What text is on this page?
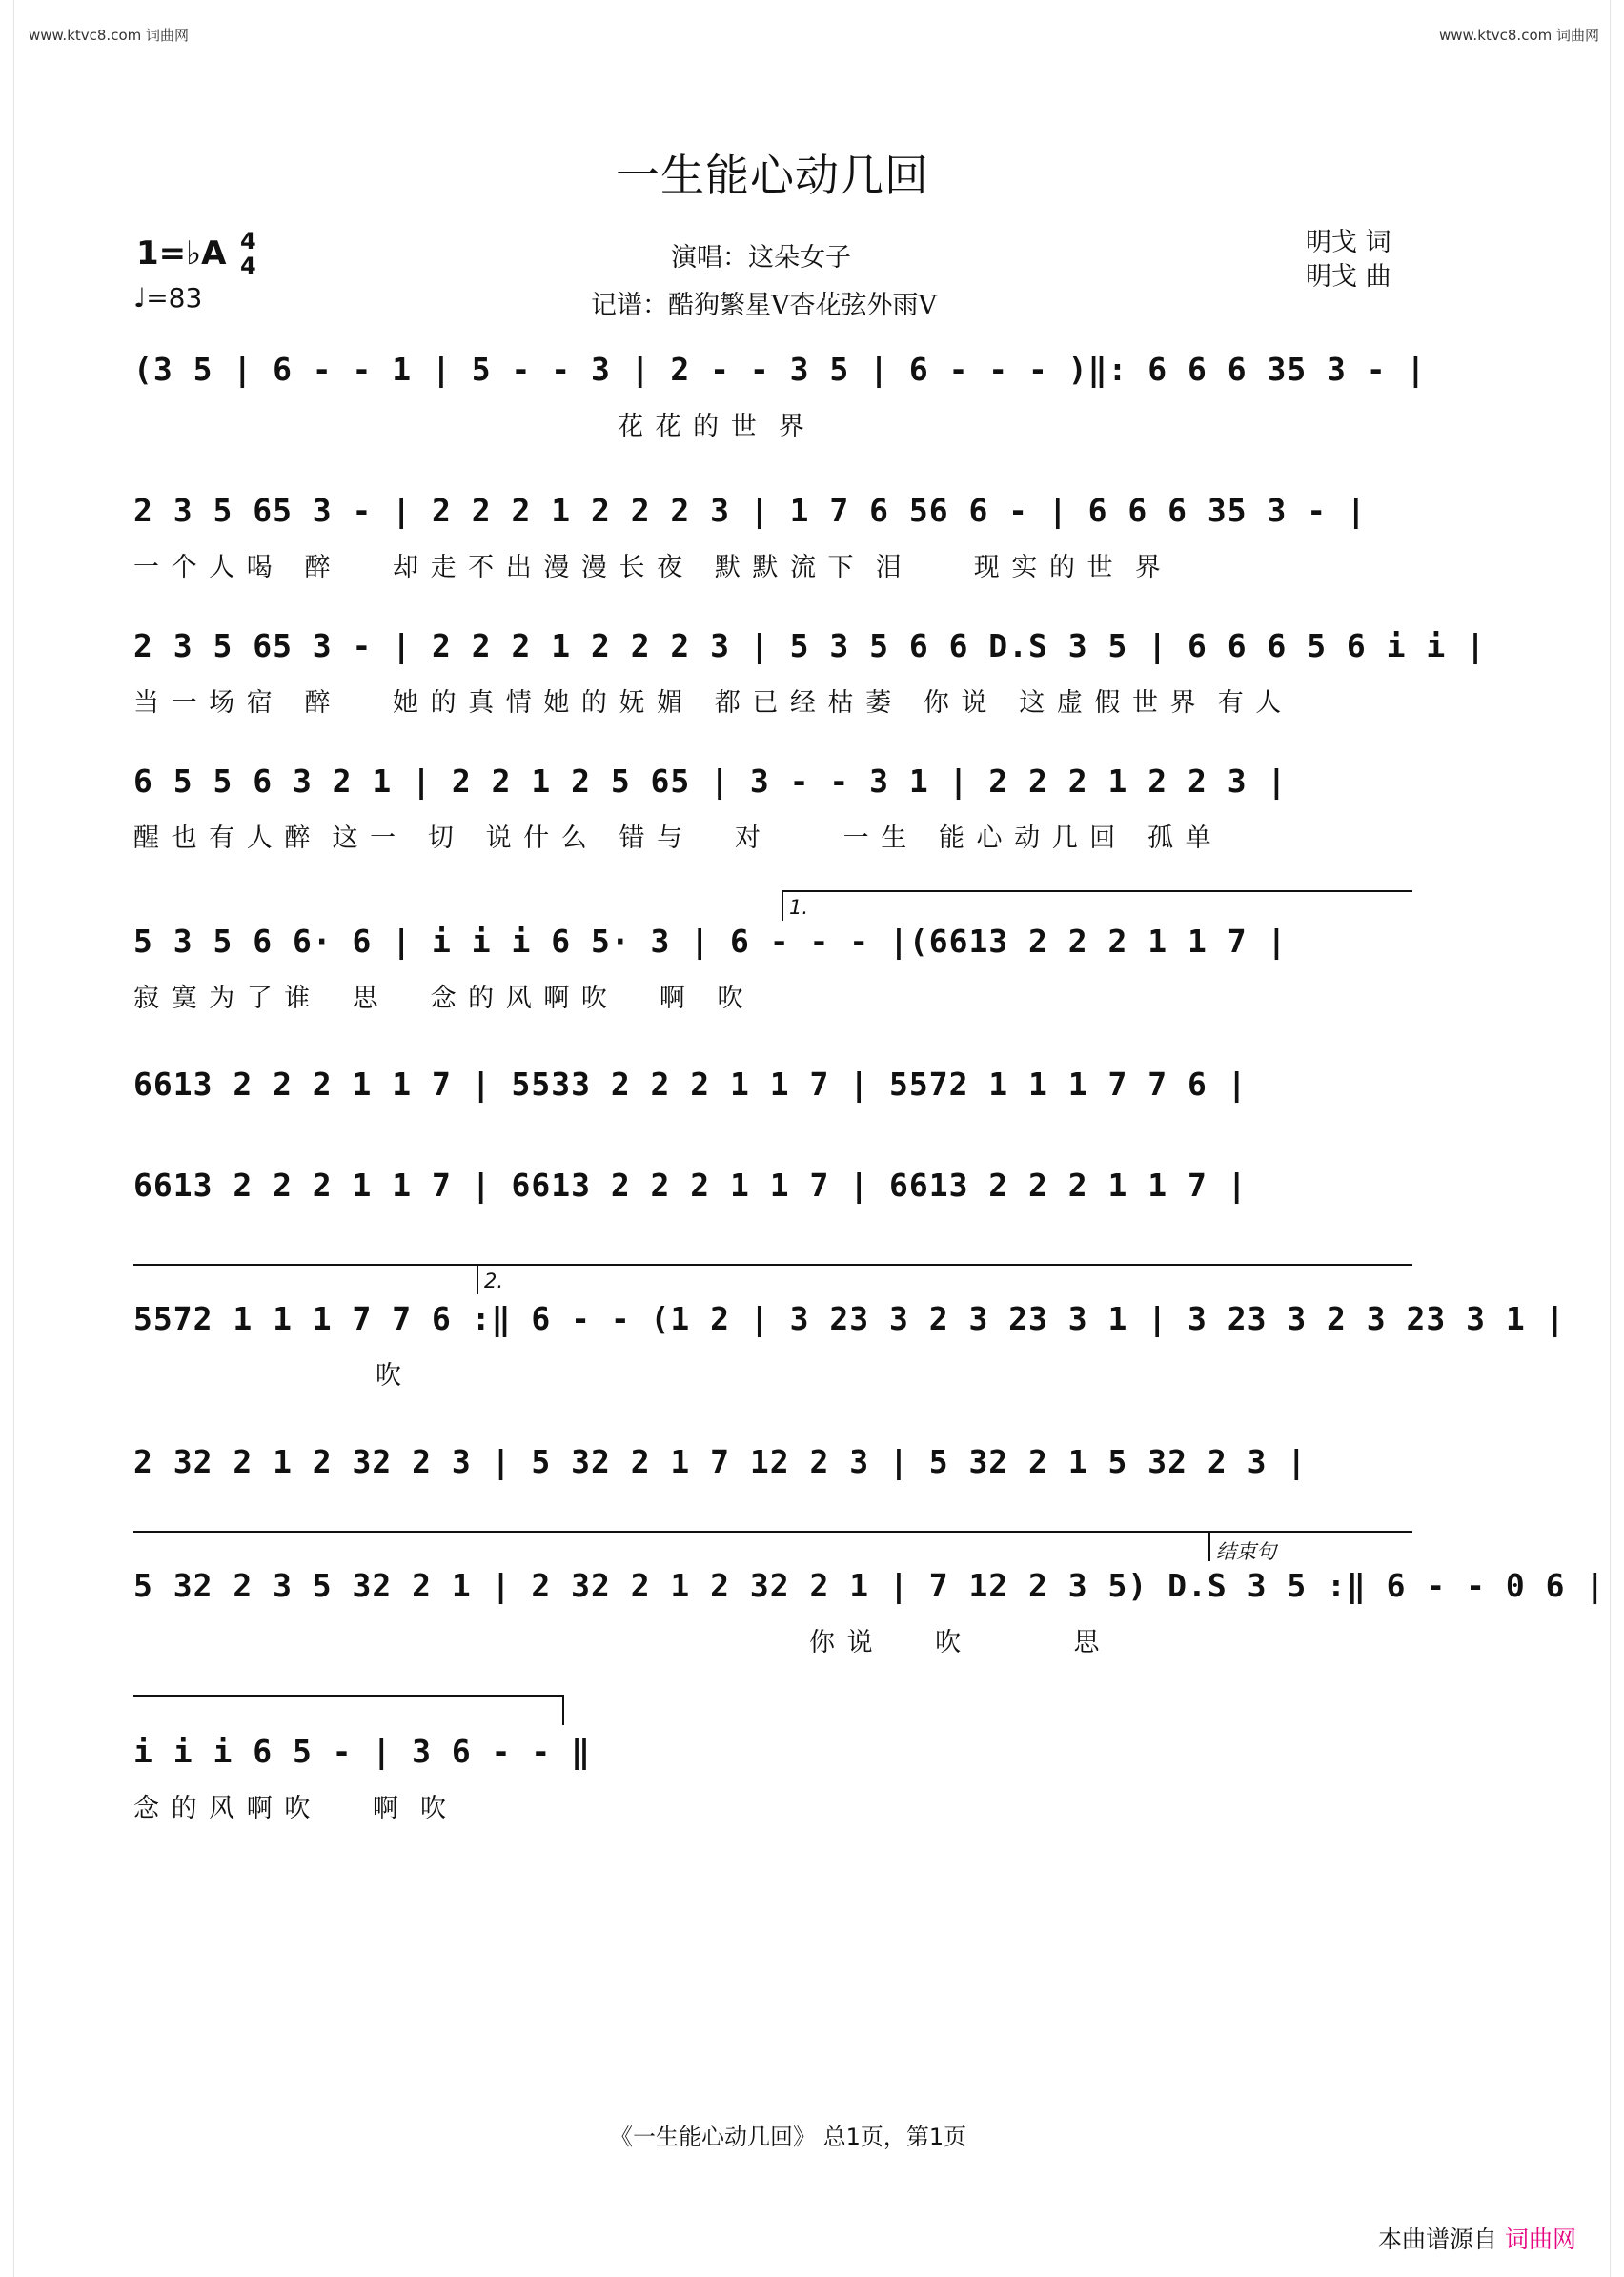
www.ktvc8.com 词曲网	www.ktvc8.com 词曲网
一生能心动几回
1=♭A 4
4
♩=83
演唱：这朵女子
记谱：酷狗繁星V杏花弦外雨V
明戈 词
明戈 曲
1.
2.
结束句
(3 5 | 6 - - 1 | 5 - - 3 | 2 - - 3 5 | 6 - - - )‖: 6 6 6 35 3 - |
花 花 的 世  界
2 3 5 65 3 - | 2 2 2 1 2 2 2 3 | 1 7 6 56 6 - | 6 6 6 35 3 - |
一 个 人 喝   醉      却 走 不 出 漫 漫 长 夜   默 默 流 下  泪       现 实 的 世  界
2 3 5 65 3 - | 2 2 2 1 2 2 2 3 | 5 3 5 6 6 D.S 3 5 | 6 6 6 5 6 i i |
当 一 场 宿   醉      她 的 真 情 她 的 妩 媚   都 已 经 枯 萎   你 说   这 虚 假 世 界  有 人
6 5 5 6 3 2 1 | 2 2 1 2 5 65 | 3 - - 3 1 | 2 2 2 1 2 2 3 |
醒 也 有 人 醉  这 一   切   说 什 么   错 与     对        一 生   能 心 动 几 回   孤 单
5 3 5 6 6· 6 | i i i 6 5· 3 | 6 - - - |(6613 2 2 2 1 1 7 |
寂 寞 为 了 谁    思     念 的 风 啊 吹     啊   吹
6613 2 2 2 1 1 7 | 5533 2 2 2 1 1 7 | 5572 1 1 1 7 7 6 |
6613 2 2 2 1 1 7 | 6613 2 2 2 1 1 7 | 6613 2 2 2 1 1 7 |
5572 1 1 1 7 7 6 :‖ 6 - - (1 2 | 3 23 3 2 3 23 3 1 | 3 23 3 2 3 23 3 1 |
吹
2 32 2 1 2 32 2 3 | 5 32 2 1 7 12 2 3 | 5 32 2 1 5 32 2 3 |
5 32 2 3 5 32 2 1 | 2 32 2 1 2 32 2 1 | 7 12 2 3 5) D.S 3 5 :‖ 6 - - 0 6 |
你 说      吹           思
i i i 6 5 - | 3 6 - - ‖
念 的 风 啊 吹      啊  吹
《一生能心动几回》 总1页，第1页
本曲谱源自 词曲网
